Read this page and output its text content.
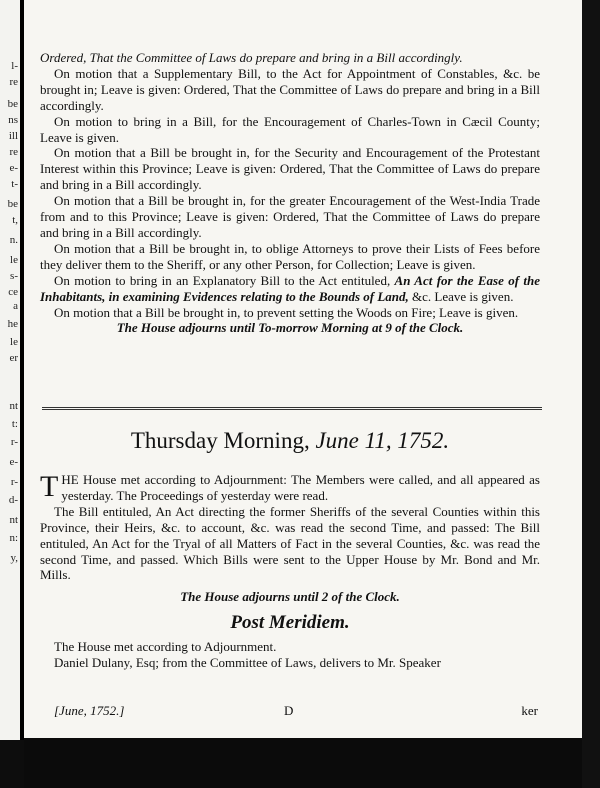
l-
re
be
ns
ill
re
e-
t-
be
t,
n.
le
s-
ce
a
he
le
er
nt
t:
r-
e-
r-
d-
nt
n:
y,

Ordered, That the Committee of Laws do prepare and bring in a Bill accordingly.

On motion that a Supplementary Bill, to the Act for Appointment of Constables, &c. be brought in; Leave is given: Ordered, That the Committee of Laws do prepare and bring in a Bill accordingly.

On motion to bring in a Bill, for the Encouragement of Charles-Town in Cæcil County; Leave is given.

On motion that a Bill be brought in, for the Security and Encouragement of the Protestant Interest within this Province; Leave is given: Ordered, That the Committee of Laws do prepare and bring in a Bill accordingly.

On motion that a Bill be brought in, for the greater Encouragement of the West-India Trade from and to this Province; Leave is given: Ordered, That the Committee of Laws do prepare and bring in a Bill accordingly.

On motion that a Bill be brought in, to oblige Attorneys to prove their Lists of Fees before they deliver them to the Sheriff, or any other Person, for Collection; Leave is given.

On motion to bring in an Explanatory Bill to the Act entituled, An Act for the Ease of the Inhabitants, in examining Evidences relating to the Bounds of Land, &c. Leave is given.

On motion that a Bill be brought in, to prevent setting the Woods on Fire; Leave is given.

The House adjourns until To-morrow Morning at 9 of the Clock.

Thursday Morning, June 11, 1752.

THE House met according to Adjournment: The Members were called, and all appeared as yesterday. The Proceedings of yesterday were read.

The Bill entituled, An Act directing the former Sheriffs of the several Counties within this Province, their Heirs, &c. to account, &c. was read the second Time, and passed: The Bill entituled, An Act for the Tryal of all Matters of Fact in the several Counties, &c. was read the second Time, and passed. Which Bills were sent to the Upper House by Mr. Bond and Mr. Mills.

The House adjourns until 2 of the Clock.

Post Meridiem.

The House met according to Adjournment.

Daniel Dulany, Esq; from the Committee of Laws, delivers to Mr. Speaker

[June, 1752.]	D	ker
